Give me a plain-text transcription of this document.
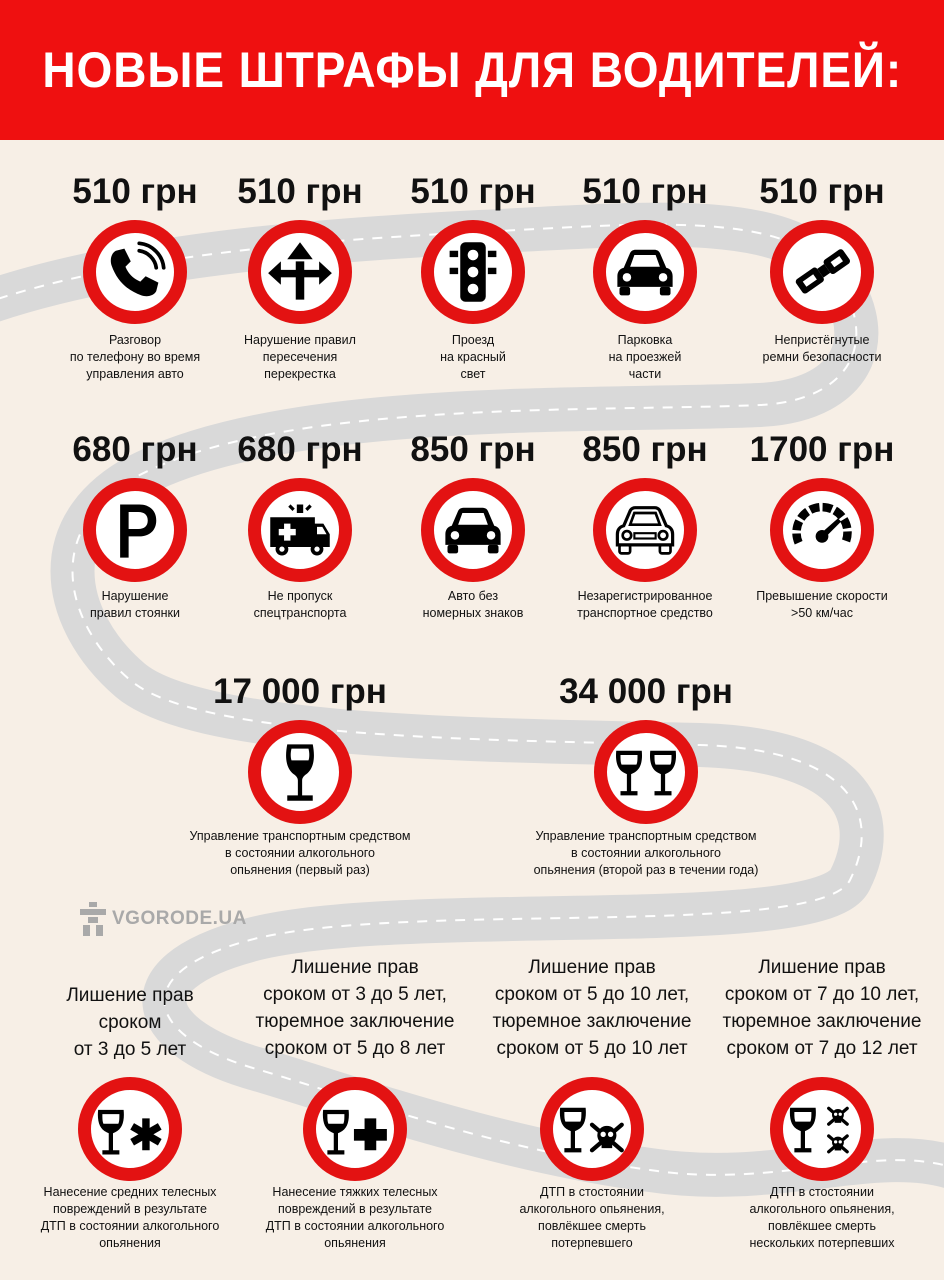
НОВЫЕ ШТРАФЫ ДЛЯ ВОДИТЕЛЕЙ:
510 грн
Разговор
по телефону во время
управления авто
510 грн
Нарушение правил
пересечения
перекрестка
510 грн
Проезд
на красный
свет
510 грн
Парковка
на проезжей
части
510 грн
Непристёгнутые
ремни безопасности
680 грн
Нарушение
правил стоянки
680 грн
Не пропуск
спецтранспорта
850 грн
Авто без
номерных знаков
850 грн
Незарегистрированное
транспортное средство
1700 грн
Превышение скорости
>50 км/час
17 000 грн
Управление транспортным средством
в состоянии алкогольного
опьянения (первый раз)
34 000 грн
Управление транспортным средством
в состоянии алкогольного
опьянения (второй раз в течении года)
VGORODE.UA
Лишение прав
сроком
от 3 до 5 лет
Нанесение средних телесных
повреждений в результате
ДТП в состоянии алкогольного
опьянения
Лишение прав
сроком от 3 до 5 лет,
тюремное заключение
сроком от 5 до 8 лет
Нанесение тяжких телесных
повреждений в результате
ДТП в состоянии алкогольного
опьянения
Лишение прав
сроком от 5 до 10 лет,
тюремное заключение
сроком от 5 до 10 лет
ДТП в стостоянии
алкогольного опьянения,
повлёкшее смерть
потерпевшего
Лишение прав
сроком от 7 до 10 лет,
тюремное заключение
сроком от 7 до 12 лет
ДТП в стостоянии
алкогольного опьянения,
повлёкшее смерть
нескольких потерпевших
